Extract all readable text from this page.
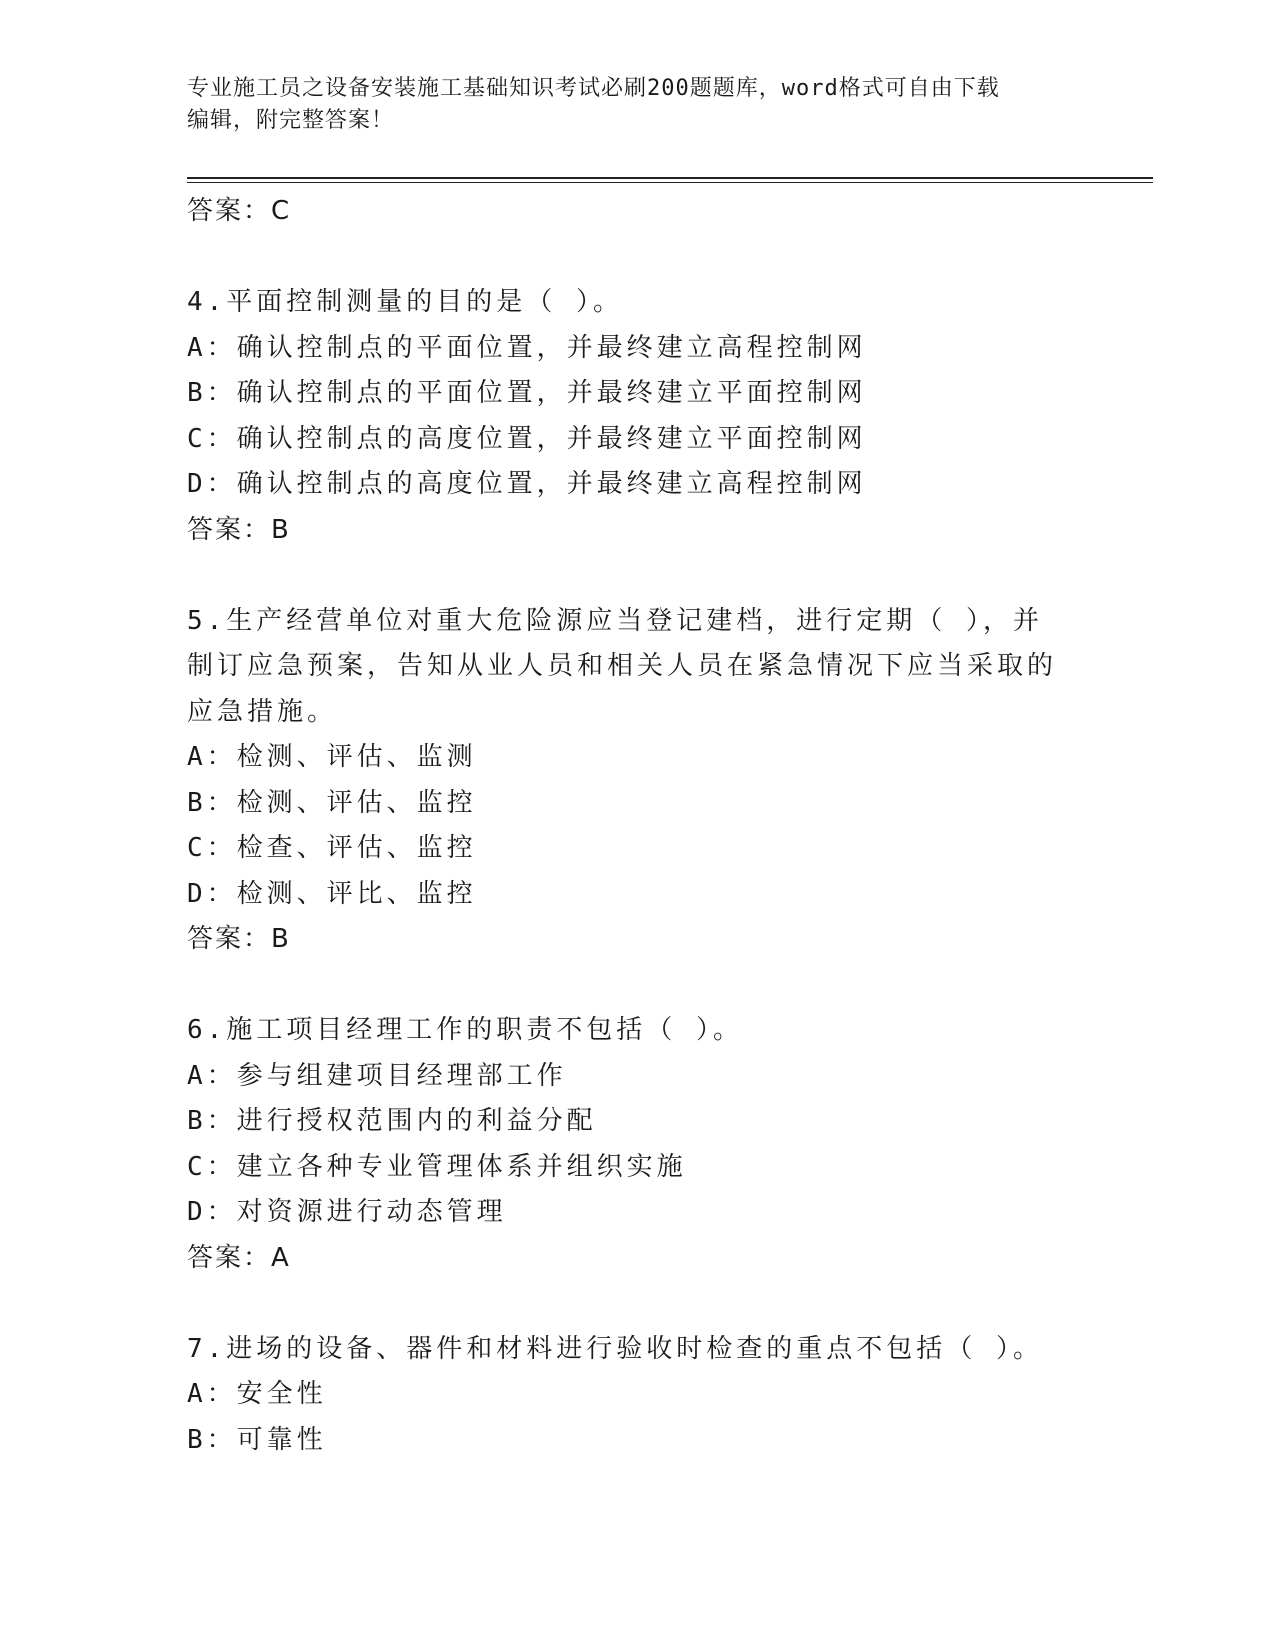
专业施工员之设备安装施工基础知识考试必刷200题题库，word格式可自由下载
编辑，附完整答案！
答案：C
4.平面控制测量的目的是（ ）。
A：确认控制点的平面位置，并最终建立高程控制网
B：确认控制点的平面位置，并最终建立平面控制网
C：确认控制点的高度位置，并最终建立平面控制网
D：确认控制点的高度位置，并最终建立高程控制网
答案：B
5.生产经营单位对重大危险源应当登记建档，进行定期（ ），并制订应急预案，告知从业人员和相关人员在紧急情况下应当采取的应急措施。
A：检测、评估、监测
B：检测、评估、监控
C：检查、评估、监控
D：检测、评比、监控
答案：B
6.施工项目经理工作的职责不包括（ ）。
A：参与组建项目经理部工作
B：进行授权范围内的利益分配
C：建立各种专业管理体系并组织实施
D：对资源进行动态管理
答案：A
7.进场的设备、器件和材料进行验收时检查的重点不包括（ ）。
A：安全性
B：可靠性
